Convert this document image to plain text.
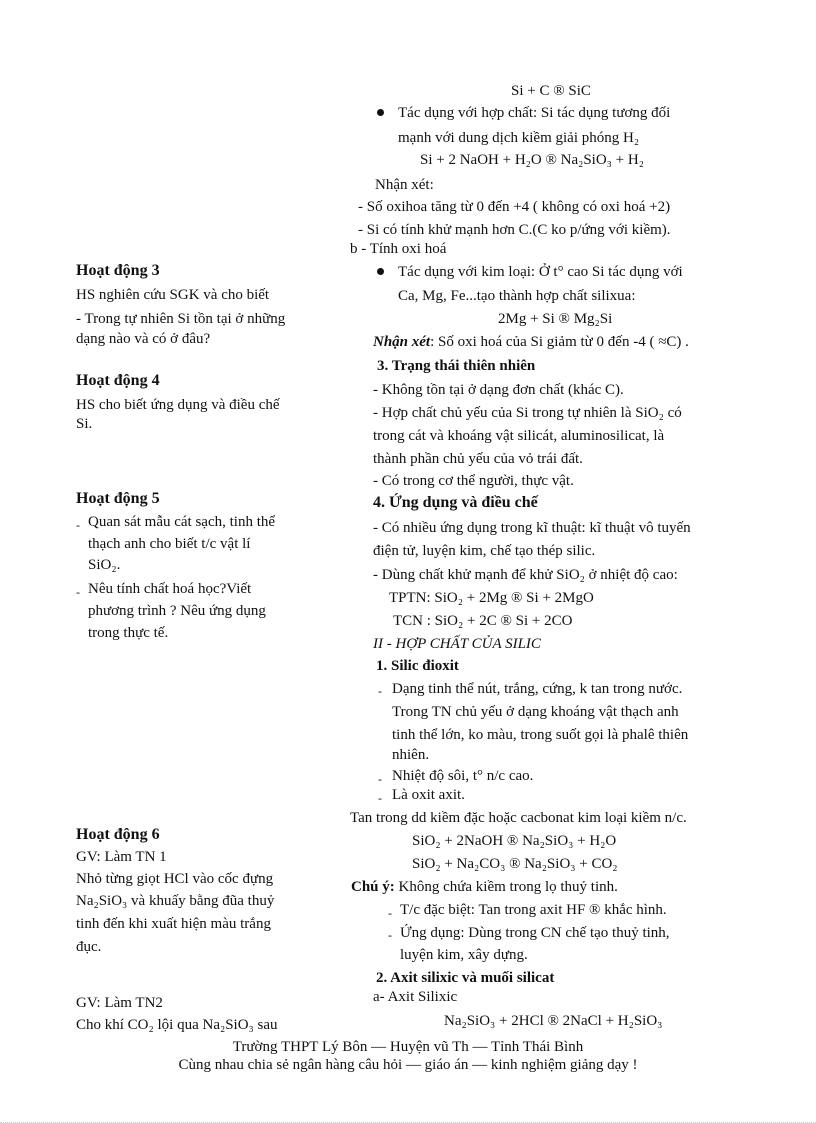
Hoạt động 3
HS nghiên cứu SGK và cho biết
- Trong tự nhiên Si tồn tại ở những
dạng nào và có ở đâu?
Hoạt động 4
HS cho biết ứng dụng và điều chế
Si.
Hoạt động 5
- Quan sát mẫu cát sạch, tinh thể
thạch anh cho biết t/c vật lí
SiO₂.
- Nêu tính chất hoá học?Viết
phương trình ? Nêu ứng dụng
trong thực tế.
Hoạt động 6
GV: Làm TN 1
Nhỏ từng giọt HCl vào cốc đựng
Na₂SiO₃ và khuấy bằng đũa thuỷ
tinh đến khi xuất hiện màu trắng
đục.
GV: Làm TN2
Cho khí CO₂ lội qua Na₂SiO₃ sau
Si + C ® SiC
Tác dụng với hợp chất: Si tác dụng tương đối
mạnh với dung dịch kiềm giải phóng H₂
Si + 2 NaOH + H₂O ® Na₂SiO₃ + H₂
Nhận xét:
- Số oxihoa tăng từ 0 đến +4 ( không có oxi hoá +2)
- Si có tính khử mạnh hơn C.(C ko p/ứng với kiềm).
b - Tính oxi hoá
Tác dụng với kim loại: Ở t° cao Si tác dụng với
Ca, Mg, Fe...tạo thành hợp chất silixua:
2Mg + Si ® Mg₂Si
Nhận xét: Số oxi hoá của Si giảm từ 0 đến -4 ( ≈C) .
3. Trạng thái thiên nhiên
- Không tồn tại ở dạng đơn chất (khác C).
- Hợp chất chủ yếu của Si trong tự nhiên là SiO₂ có
trong cát và khoáng vật silicát, aluminosilicat, là
thành phần chủ yếu của vỏ trái đất.
- Có trong cơ thể người, thực vật.
4. Ứng dụng và điều chế
- Có nhiều ứng dụng trong kĩ thuật: kĩ thuật vô tuyến
điện tử, luyện kim, chế tạo thép silic.
- Dùng chất khử mạnh để khử SiO₂ ở nhiệt độ cao:
TPTN: SiO₂ + 2Mg ® Si + 2MgO
TCN : SiO₂ + 2C ® Si + 2CO
II - HỢP CHẤT CỦA SILIC
1. Silic đioxit
- Dạng tinh thể nút, trắng, cứng, k tan trong nước.
Trong TN chủ yếu ở dạng khoáng vật thạch anh
tinh thể lớn, ko màu, trong suốt gọi là phalê thiên
nhiên.
- Nhiệt độ sôi, t° n/c cao.
- Là oxit axit.
Tan trong dd kiềm đặc hoặc cacbonat kim loại kiềm n/c.
SiO₂ + 2NaOH ® Na₂SiO₃ + H₂O
SiO₂ + Na₂CO₃ ® Na₂SiO₃ + CO₂
Chú ý: Không chứa kiềm trong lọ thuỷ tinh.
- T/c đặc biệt: Tan trong axit HF ® khắc hình.
- Ứng dụng: Dùng trong CN chế tạo thuỷ tinh,
luyện kim, xây dựng.
2. Axit silixic và muối silicat
a- Axit Silixic
Na₂SiO₃ + 2HCl ® 2NaCl + H₂SiO₃
Trường THPT Lý Bôn — Huyện vũ Th — Tỉnh Thái Bình
Cùng nhau chia sẻ ngân hàng câu hỏi — giáo án — kinh nghiệm giảng dạy !
